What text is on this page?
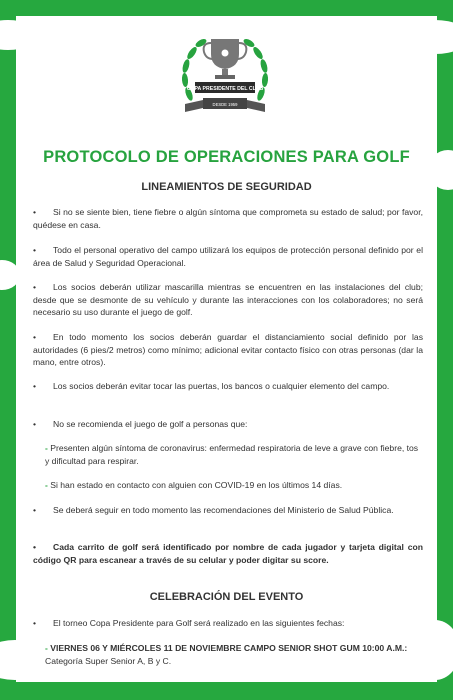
COPA PRESIDENTE DEL CLUB
DESDE 1959
PROTOCOLO DE OPERACIONES PARA GOLF
LINEAMIENTOS DE SEGURIDAD
• Si no se siente bien, tiene fiebre o algún síntoma que comprometa su estado de salud; por favor, quédese en casa.
• Todo el personal operativo del campo utilizará los equipos de protección personal definido por el área de Salud y Seguridad Operacional.
• Los socios deberán utilizar mascarilla mientras se encuentren en las instalaciones del club; desde que se desmonte de su vehículo y durante las interacciones con los colaboradores; no será necesario su uso durante el juego de golf.
• En todo momento los socios deberán guardar el distanciamiento social definido por las autoridades (6 pies/2 metros) como mínimo; adicional evitar contacto físico con otras personas (dar la mano, entre otros).
• Los socios deberán evitar tocar las puertas, los bancos o cualquier elemento del campo.
• No se recomienda el juego de golf a personas que:
- Presenten algún síntoma de coronavirus: enfermedad respiratoria de leve a grave con fiebre, tos y dificultad para respirar.
- Si han estado en contacto con alguien con COVID-19 en los últimos 14 días.
• Se deberá seguir en todo momento las recomendaciones del Ministerio de Salud Pública.
• Cada carrito de golf será identificado por nombre de cada jugador y tarjeta digital con código QR para escanear a través de su celular y poder digitar su score.
CELEBRACIÓN DEL EVENTO
• El torneo Copa Presidente para Golf será realizado en las siguientes fechas:
- VIERNES 06 Y MIÉRCOLES 11 DE NOVIEMBRE CAMPO SENIOR SHOT GUM 10:00 A.M.: Categoría Super Senior A, B y C.
